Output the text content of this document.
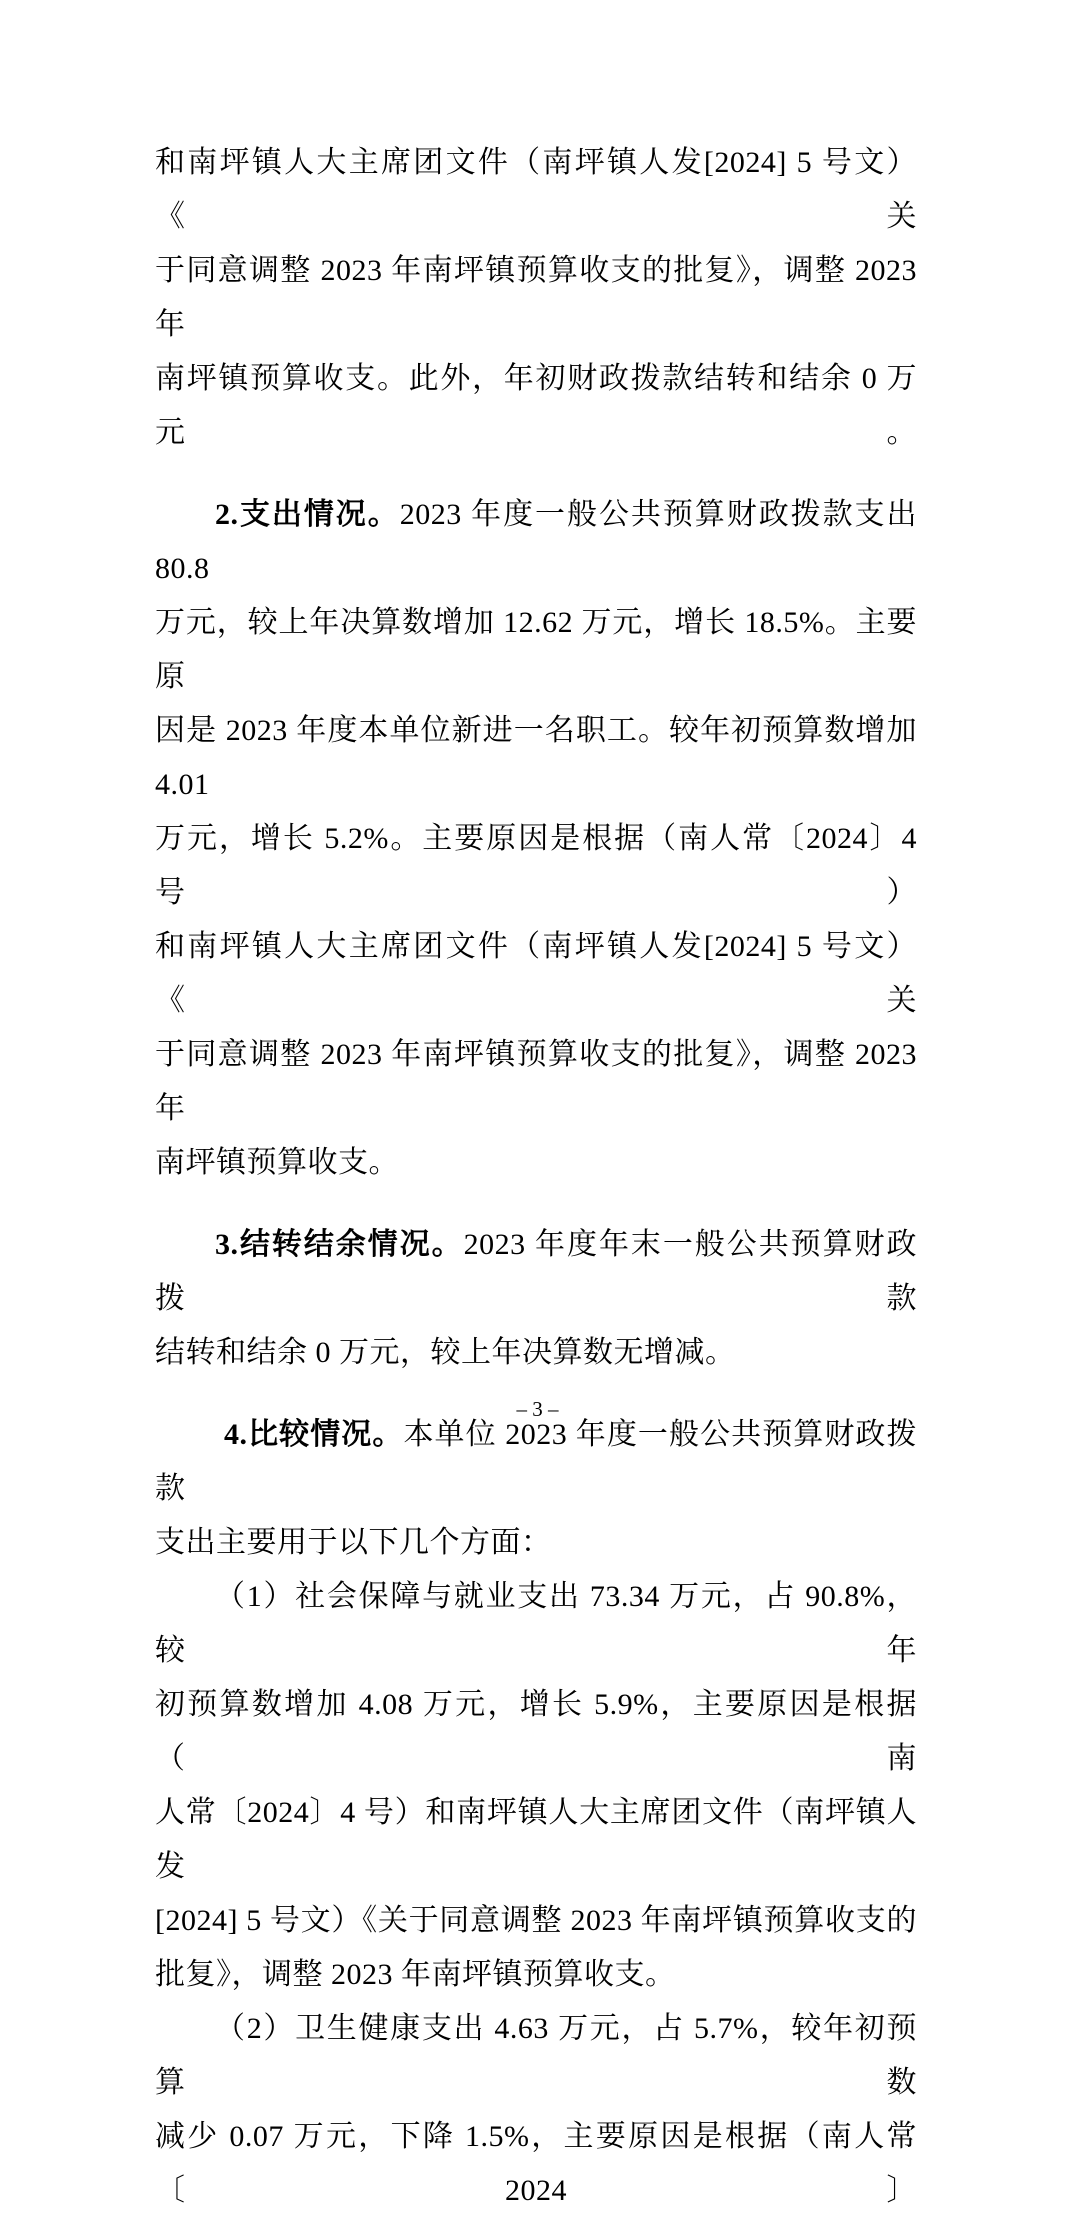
和南坪镇人大主席团文件（南坪镇人发[2024] 5 号文）《关
于同意调整 2023 年南坪镇预算收支的批复》，调整 2023 年
南坪镇预算收支。此外，年初财政拨款结转和结余 0 万元。
2.支出情况。2023 年度一般公共预算财政拨款支出 80.8
万元，较上年决算数增加 12.62 万元，增长 18.5%。主要原
因是 2023 年度本单位新进一名职工。较年初预算数增加 4.01
万元，增长 5.2%。主要原因是根据（南人常〔2024〕4 号）
和南坪镇人大主席团文件（南坪镇人发[2024] 5 号文）《关
于同意调整 2023 年南坪镇预算收支的批复》，调整 2023 年
南坪镇预算收支。
3.结转结余情况。2023 年度年末一般公共预算财政拨款
结转和结余 0 万元，较上年决算数无增减。
4.比较情况。本单位 2023 年度一般公共预算财政拨款
支出主要用于以下几个方面：
（1）社会保障与就业支出 73.34 万元，占 90.8%，较年
初预算数增加 4.08 万元，增长 5.9%，主要原因是根据（南
人常〔2024〕4 号）和南坪镇人大主席团文件（南坪镇人发
[2024] 5 号文）《关于同意调整 2023 年南坪镇预算收支的
批复》，调整 2023 年南坪镇预算收支。
（2）卫生健康支出 4.63 万元，占 5.7%，较年初预算数
减少 0.07 万元，下降 1.5%，主要原因是根据（南人常〔2024〕
– 3 –
